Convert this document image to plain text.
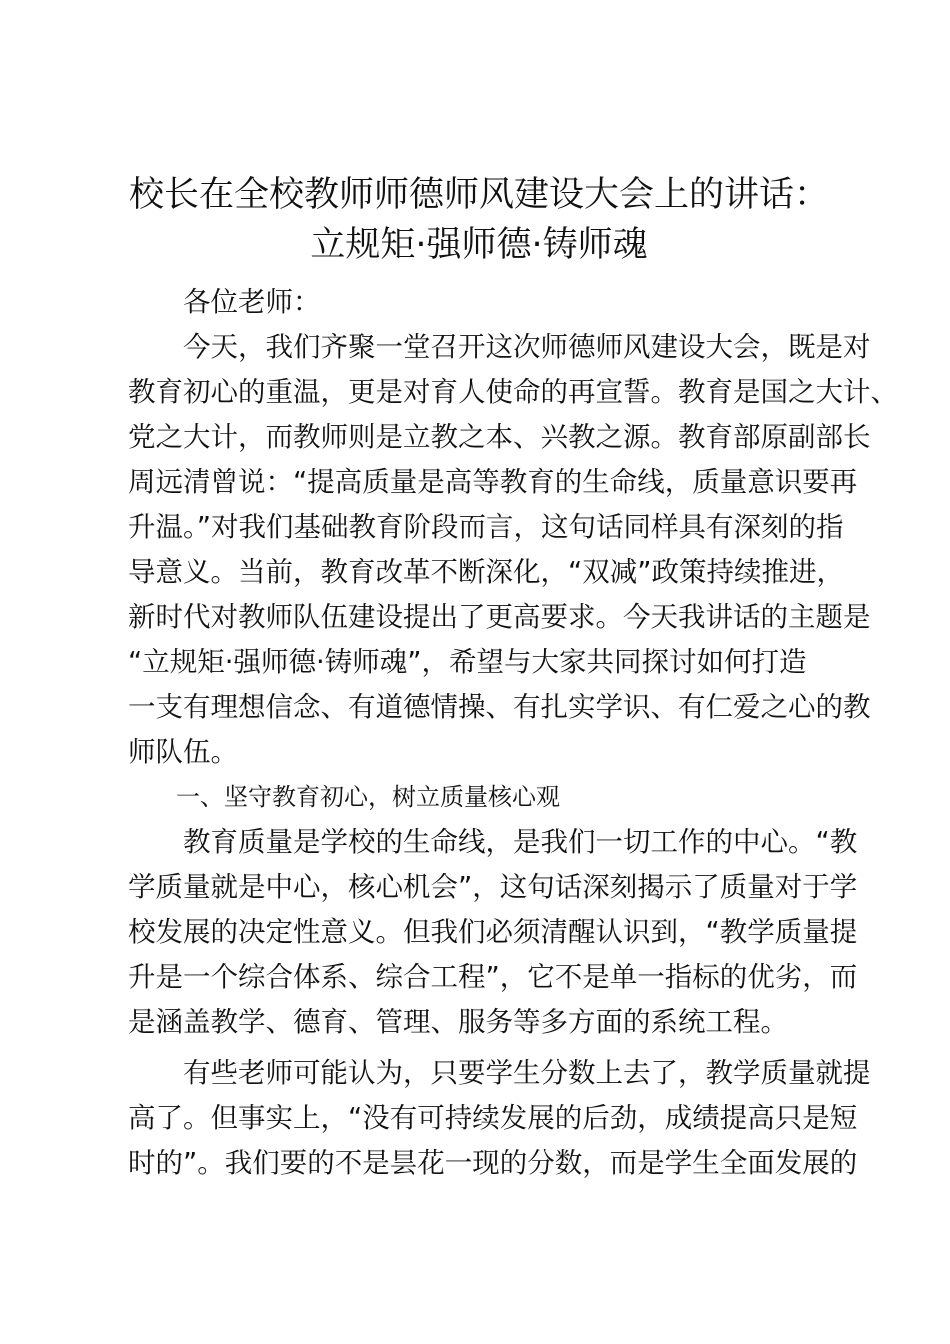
校长在全校教师师德师风建设大会上的讲话：
立规矩·强师德·铸师魂

各位老师：

今天，我们齐聚一堂召开这次师德师风建设大会，既是对
教育初心的重温，更是对育人使命的再宣誓。教育是国之大计、
党之大计，而教师则是立教之本、兴教之源。教育部原副部长
周远清曾说：“提高质量是高等教育的生命线，质量意识要再
升温。”对我们基础教育阶段而言，这句话同样具有深刻的指
导意义。当前，教育改革不断深化，“双减”政策持续推进，
新时代对教师队伍建设提出了更高要求。今天我讲话的主题是
“立规矩·强师德·铸师魂”，希望与大家共同探讨如何打造
一支有理想信念、有道德情操、有扎实学识、有仁爱之心的教
师队伍。

一、坚守教育初心，树立质量核心观

教育质量是学校的生命线，是我们一切工作的中心。“教
学质量就是中心，核心机会”，这句话深刻揭示了质量对于学
校发展的决定性意义。但我们必须清醒认识到，“教学质量提
升是一个综合体系、综合工程”，它不是单一指标的优劣，而
是涵盖教学、德育、管理、服务等多方面的系统工程。

有些老师可能认为，只要学生分数上去了，教学质量就提
高了。但事实上，“没有可持续发展的后劲，成绩提高只是短
时的”。我们要的不是昙花一现的分数，而是学生全面发展的
